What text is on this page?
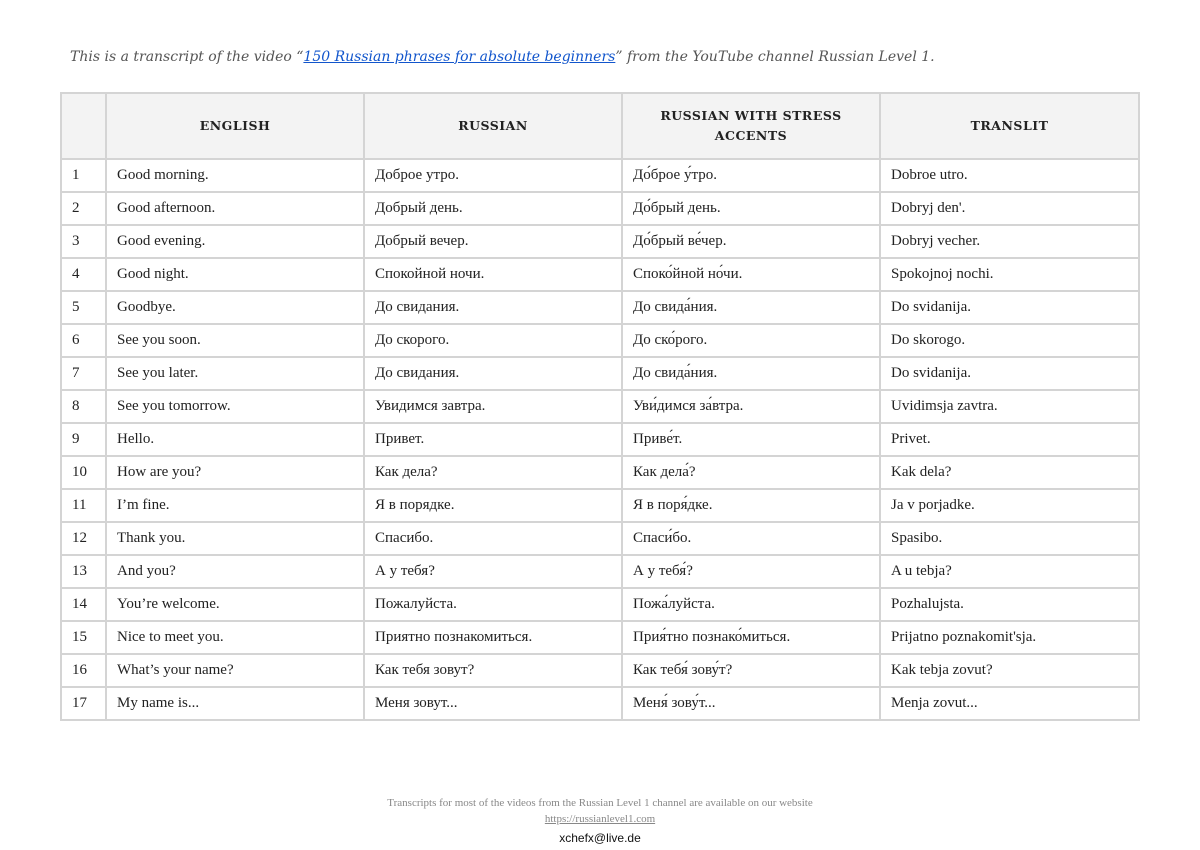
This is a transcript of the video “150 Russian phrases for absolute beginners” from the YouTube channel Russian Level 1.
	ENGLISH	RUSSIAN	RUSSIAN WITH STRESS ACCENTS	TRANSLIT
1	Good morning.	Доброе утро.	До́брое у́тро.	Dobroe utro.
2	Good afternoon.	Добрый день.	До́брый день.	Dobryj den'.
3	Good evening.	Добрый вечер.	До́брый ве́чер.	Dobryj vecher.
4	Good night.	Спокойной ночи.	Споко́йной но́чи.	Spokojnoj nochi.
5	Goodbye.	До свидания.	До свида́ния.	Do svidanija.
6	See you soon.	До скорого.	До ско́рого.	Do skorogo.
7	See you later.	До свидания.	До свида́ния.	Do svidanija.
8	See you tomorrow.	Увидимся завтра.	Уви́димся за́втра.	Uvidimsja zavtra.
9	Hello.	Привет.	Приве́т.	Privet.
10	How are you?	Как дела?	Как дела́?	Kak dela?
11	I’m fine.	Я в порядке.	Я в поря́дке.	Ja v porjadke.
12	Thank you.	Спасибо.	Спаси́бо.	Spasibo.
13	And you?	А у тебя?	А у тебя́?	A u tebja?
14	You’re welcome.	Пожалуйста.	Пожа́луйста.	Pozhalujsta.
15	Nice to meet you.	Приятно познакомиться.	Прия́тно познако́миться.	Prijatno poznakomit'sja.
16	What’s your name?	Как тебя зовут?	Как тебя́ зову́т?	Kak tebja zovut?
17	My name is...	Меня зовут...	Меня́ зову́т...	Menja zovut...
Transcripts for most of the videos from the Russian Level 1 channel are available on our website
https://russianlevel1.com
xchefx@live.de
